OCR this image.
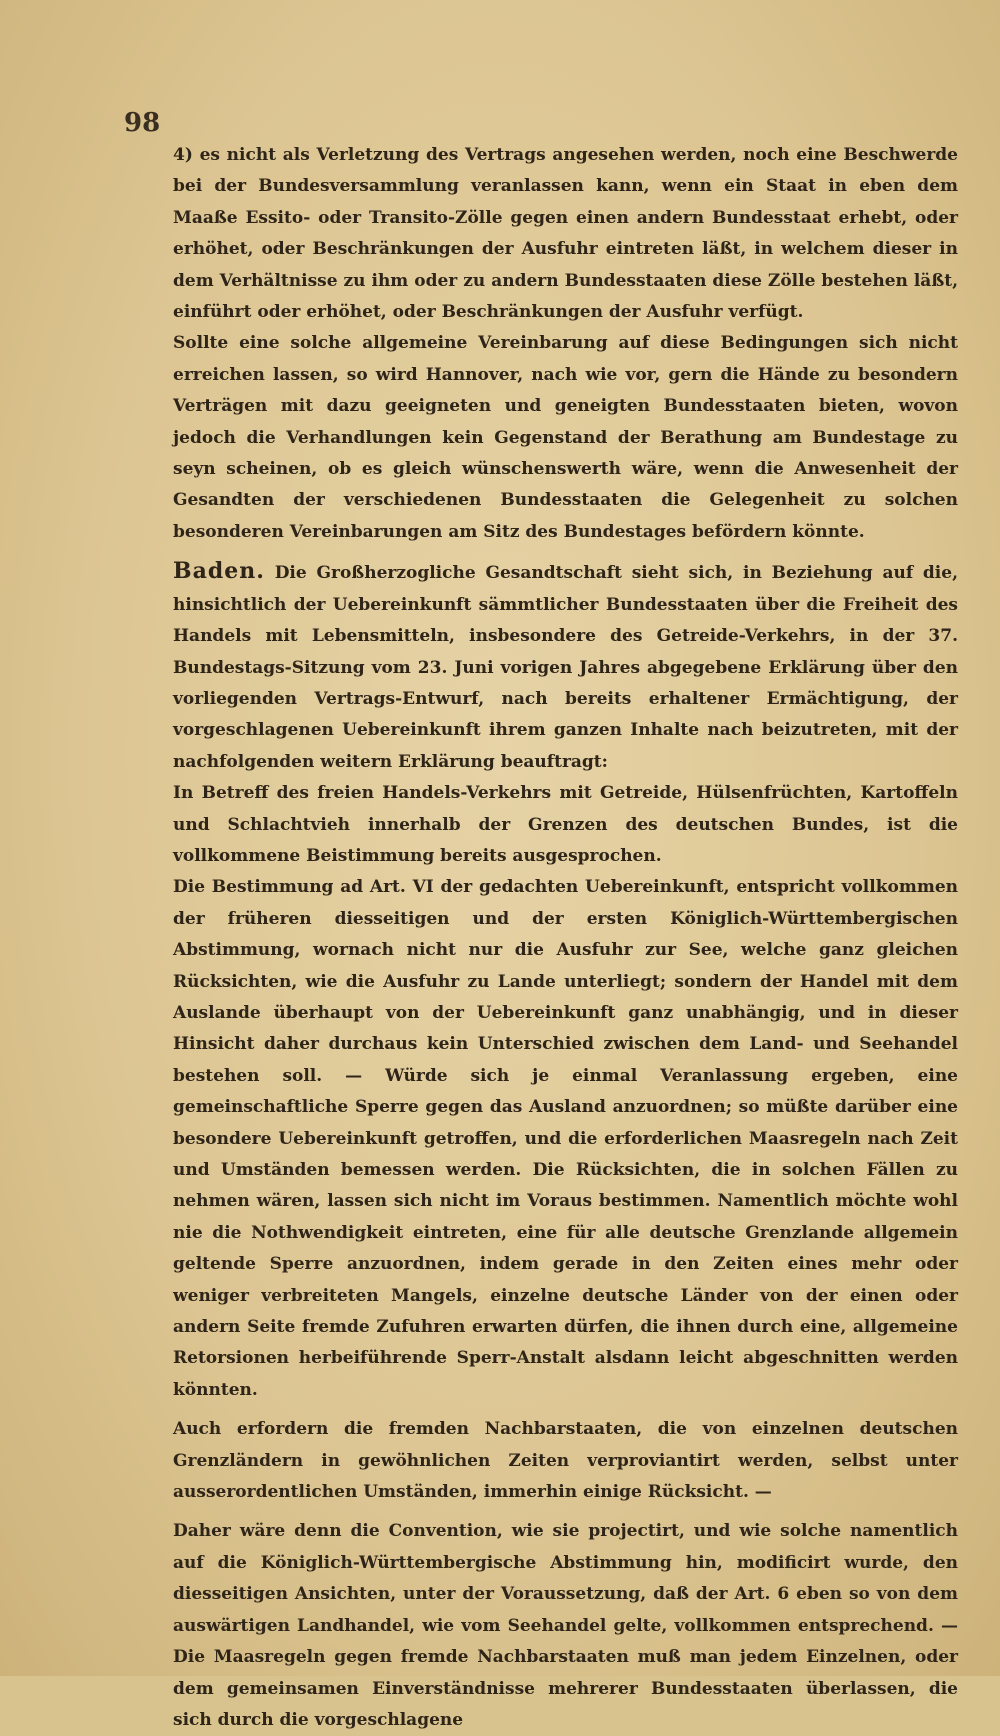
98

4) es nicht als Verletzung des Vertrags angesehen werden, noch eine Beschwerde bei der Bundesversammlung veranlassen kann, wenn ein Staat in eben dem Maaße Essito- oder Transito-Zölle gegen einen andern Bundesstaat erhebt, oder erhöhet, oder Beschränkungen der Ausfuhr eintreten läßt, in welchem dieser in dem Verhältnisse zu ihm oder zu andern Bundesstaaten diese Zölle bestehen läßt, einführt oder erhöhet, oder Beschränkungen der Ausfuhr verfügt.

Sollte eine solche allgemeine Vereinbarung auf diese Bedingungen sich nicht erreichen lassen, so wird Hannover, nach wie vor, gern die Hände zu besondern Verträgen mit dazu geeigneten und geneigten Bundesstaaten bieten, wovon jedoch die Verhandlungen kein Gegenstand der Berathung am Bundestage zu seyn scheinen, ob es gleich wünschenswerth wäre, wenn die Anwesenheit der Gesandten der verschiedenen Bundesstaaten die Gelegenheit zu solchen besonderen Vereinbarungen am Sitz des Bundestages befördern könnte.

Baden. Die Großherzogliche Gesandtschaft sieht sich, in Beziehung auf die, hinsichtlich der Uebereinkunft sämmtlicher Bundesstaaten über die Freiheit des Handels mit Lebensmitteln, insbesondere des Getreide-Verkehrs, in der 37. Bundestags-Sitzung vom 23. Juni vorigen Jahres abgegebene Erklärung über den vorliegenden Vertrags-Entwurf, nach bereits erhaltener Ermächtigung, der vorgeschlagenen Uebereinkunft ihrem ganzen Inhalte nach beizutreten, mit der nachfolgenden weitern Erklärung beauftragt:

In Betreff des freien Handels-Verkehrs mit Getreide, Hülsenfrüchten, Kartoffeln und Schlachtvieh innerhalb der Grenzen des deutschen Bundes, ist die vollkommene Beistimmung bereits ausgesprochen.

Die Bestimmung ad Art. VI der gedachten Uebereinkunft, entspricht vollkommen der früheren diesseitigen und der ersten Königlich-Württembergischen Abstimmung, wornach nicht nur die Ausfuhr zur See, welche ganz gleichen Rücksichten, wie die Ausfuhr zu Lande unterliegt; sondern der Handel mit dem Auslande überhaupt von der Uebereinkunft ganz unabhängig, und in dieser Hinsicht daher durchaus kein Unterschied zwischen dem Land- und Seehandel bestehen soll. — Würde sich je einmal Veranlassung ergeben, eine gemeinschaftliche Sperre gegen das Ausland anzuordnen; so müßte darüber eine besondere Uebereinkunft getroffen, und die erforderlichen Maasregeln nach Zeit und Umständen bemessen werden. Die Rücksichten, die in solchen Fällen zu nehmen wären, lassen sich nicht im Voraus bestimmen. Namentlich möchte wohl nie die Nothwendigkeit eintreten, eine für alle deutsche Grenzlande allgemein geltende Sperre anzuordnen, indem gerade in den Zeiten eines mehr oder weniger verbreiteten Mangels, einzelne deutsche Länder von der einen oder andern Seite fremde Zufuhren erwarten dürfen, die ihnen durch eine, allgemeine Retorsionen herbeiführende Sperr-Anstalt alsdann leicht abgeschnitten werden könnten.

Auch erfordern die fremden Nachbarstaaten, die von einzelnen deutschen Grenzländern in gewöhnlichen Zeiten verproviantirt werden, selbst unter ausserordentlichen Umständen, immerhin einige Rücksicht. —

Daher wäre denn die Convention, wie sie projectirt, und wie solche namentlich auf die Königlich-Württembergische Abstimmung hin, modificirt wurde, den diesseitigen Ansichten, unter der Voraussetzung, daß der Art. 6 eben so von dem auswärtigen Landhandel, wie vom Seehandel gelte, vollkommen entsprechend. — Die Maasregeln gegen fremde Nachbarstaaten muß man jedem Einzelnen, oder dem gemeinsamen Einverständnisse mehrerer Bundesstaaten überlassen, die sich durch die vorgeschlagene
